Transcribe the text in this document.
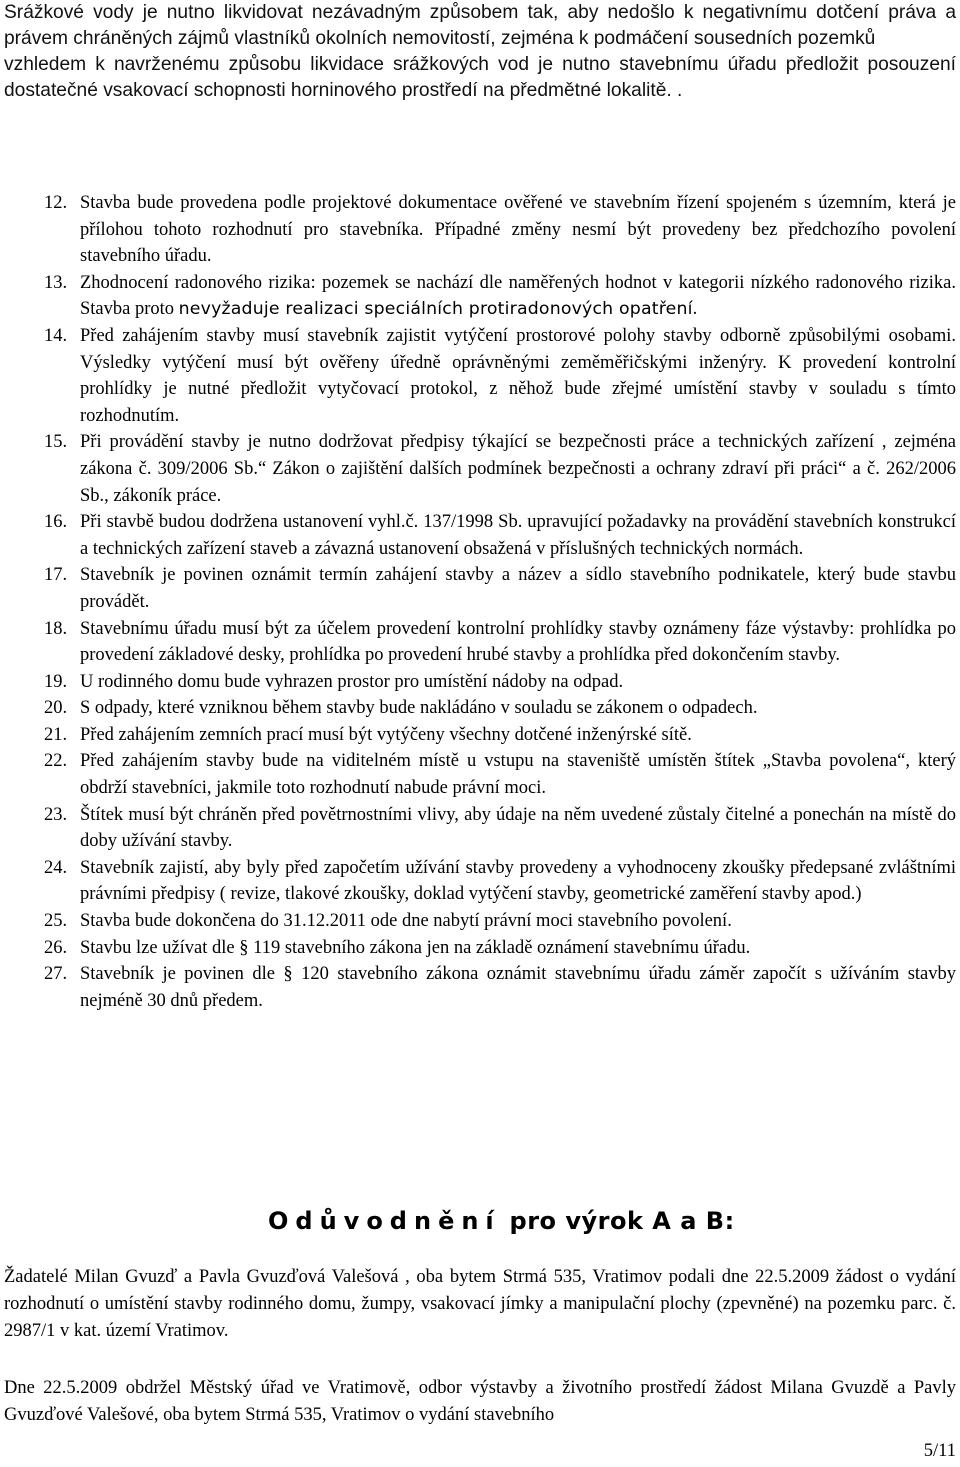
Srážkové vody je nutno likvidovat nezávadným způsobem tak, aby nedošlo k negativnímu dotčení práva a právem chráněných zájmů vlastníků okolních nemovitostí, zejména k podmáčení sousedních pozemků

vzhledem k navrženému způsobu likvidace srážkových vod je nutno stavebnímu úřadu předložit posouzení dostatečné vsakovací schopnosti horninového prostředí na předmětné lokalitě. .

12. Stavba bude provedena podle projektové dokumentace ověřené ve stavebním řízení spojeném s územním, která je přílohou tohoto rozhodnutí pro stavebníka. Případné změny nesmí být provedeny bez předchozího povolení stavebního úřadu.

13. Zhodnocení radonového rizika: pozemek se nachází dle naměřených hodnot v kategorii nízkého radonového rizika. Stavba proto nevyžaduje realizaci speciálních protiradonových opatření.

14. Před zahájením stavby musí stavebník zajistit vytýčení prostorové polohy stavby odborně způsobilými osobami. Výsledky vytýčení musí být ověřeny úředně oprávněnými zeměměřičskými inženýry. K provedení kontrolní prohlídky je nutné předložit vytyčovací protokol, z něhož bude zřejmé umístění stavby v souladu s tímto rozhodnutím.

15. Při provádění stavby je nutno dodržovat předpisy týkající se bezpečnosti práce a technických zařízení , zejména zákona č. 309/2006 Sb.“ Zákon o zajištění dalších podmínek bezpečnosti a ochrany zdraví při práci“ a č. 262/2006 Sb., zákoník práce.

16. Při stavbě budou dodržena ustanovení vyhl.č. 137/1998 Sb. upravující požadavky na provádění stavebních konstrukcí a technických zařízení staveb a závazná ustanovení obsažená v příslušných technických normách.

17. Stavebník je povinen oznámit termín zahájení stavby a název a sídlo stavebního podnikatele, který bude stavbu provádět.

18. Stavebnímu úřadu musí být za účelem provedení kontrolní prohlídky stavby oznámeny fáze výstavby: prohlídka po provedení základové desky, prohlídka po provedení hrubé stavby a prohlídka před dokončením stavby.

19. U rodinného domu bude vyhrazen prostor pro umístění nádoby na odpad.

20. S odpady, které vzniknou během stavby bude nakládáno v souladu se zákonem o odpadech.

21. Před zahájením zemních prací musí být vytýčeny všechny dotčené inženýrské sítě.

22. Před zahájením stavby bude na viditelném místě u vstupu na staveniště umístěn štítek „Stavba povolena“, který obdrží stavebníci, jakmile toto rozhodnutí nabude právní moci.

23. Štítek musí být chráněn před povětrnostními vlivy, aby údaje na něm uvedené zůstaly čitelné a ponechán na místě do doby užívání stavby.

24. Stavebník zajistí, aby byly před započetím užívání stavby provedeny a vyhodnoceny zkoušky předepsané zvláštními právními předpisy ( revize, tlakové zkoušky, doklad vytýčení stavby, geometrické zaměření stavby apod.)

25. Stavba bude dokončena do 31.12.2011 ode dne nabytí právní moci stavebního povolení.

26. Stavbu lze užívat dle § 119 stavebního zákona jen na základě oznámení stavebnímu úřadu.

27. Stavebník je povinen dle § 120 stavebního zákona oznámit stavebnímu úřadu záměr započít s užíváním stavby nejméně 30 dnů předem.

Odůvodnění pro výrok A a B:

Žadatelé Milan Gvuzď a Pavla Gvuzďová Valešová , oba bytem Strmá 535, Vratimov podali dne 22.5.2009 žádost o vydání rozhodnutí o umístění stavby rodinného domu, žumpy, vsakovací jímky a manipulační plochy (zpevněné) na pozemku parc. č. 2987/1 v kat. území Vratimov.

Dne 22.5.2009 obdržel Městský úřad ve Vratimově, odbor výstavby a životního prostředí žádost Milana Gvuzdě a Pavly Gvuzďové Valešové, oba bytem Strmá 535, Vratimov o vydání stavebního

5/11
